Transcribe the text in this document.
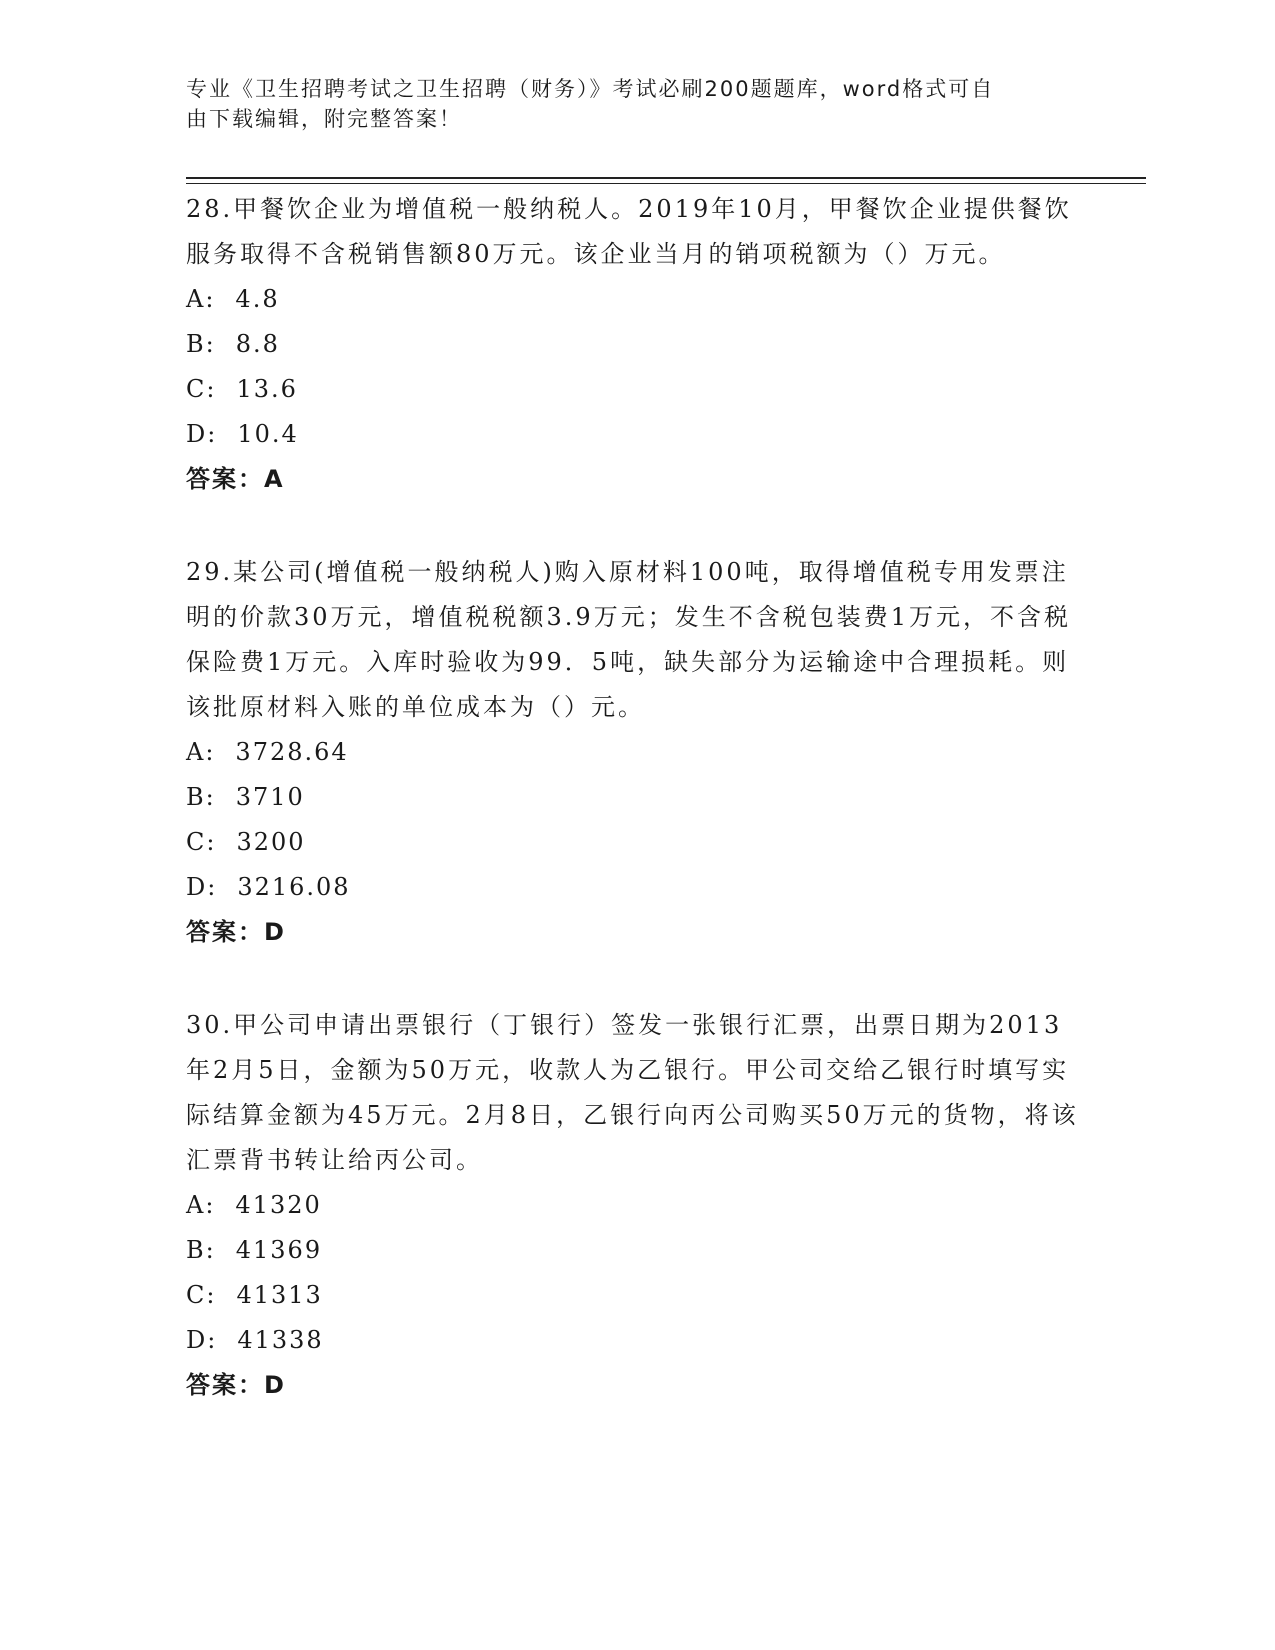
专业《卫生招聘考试之卫生招聘（财务）》考试必刷200题题库，word格式可自
由下载编辑，附完整答案！

28.甲餐饮企业为增值税一般纳税人。2019年10月，甲餐饮企业提供餐饮服务取得不含税销售额80万元。该企业当月的销项税额为（）万元。

A: 4.8

B: 8.8

C: 13.6

D: 10.4

答案：A

29.某公司(增值税一般纳税人)购入原材料100吨，取得增值税专用发票注明的价款30万元，增值税税额3.9万元；发生不含税包装费1万元，不含税保险费1万元。入库时验收为99．5吨，缺失部分为运输途中合理损耗。则该批原材料入账的单位成本为（）元。

A: 3728.64

B: 3710

C: 3200

D: 3216.08

答案：D

30.甲公司申请出票银行（丁银行）签发一张银行汇票，出票日期为2013年2月5日，金额为50万元，收款人为乙银行。甲公司交给乙银行时填写实际结算金额为45万元。2月8日，乙银行向丙公司购买50万元的货物，将该汇票背书转让给丙公司。

A: 41320

B: 41369

C: 41313

D: 41338

答案：D
